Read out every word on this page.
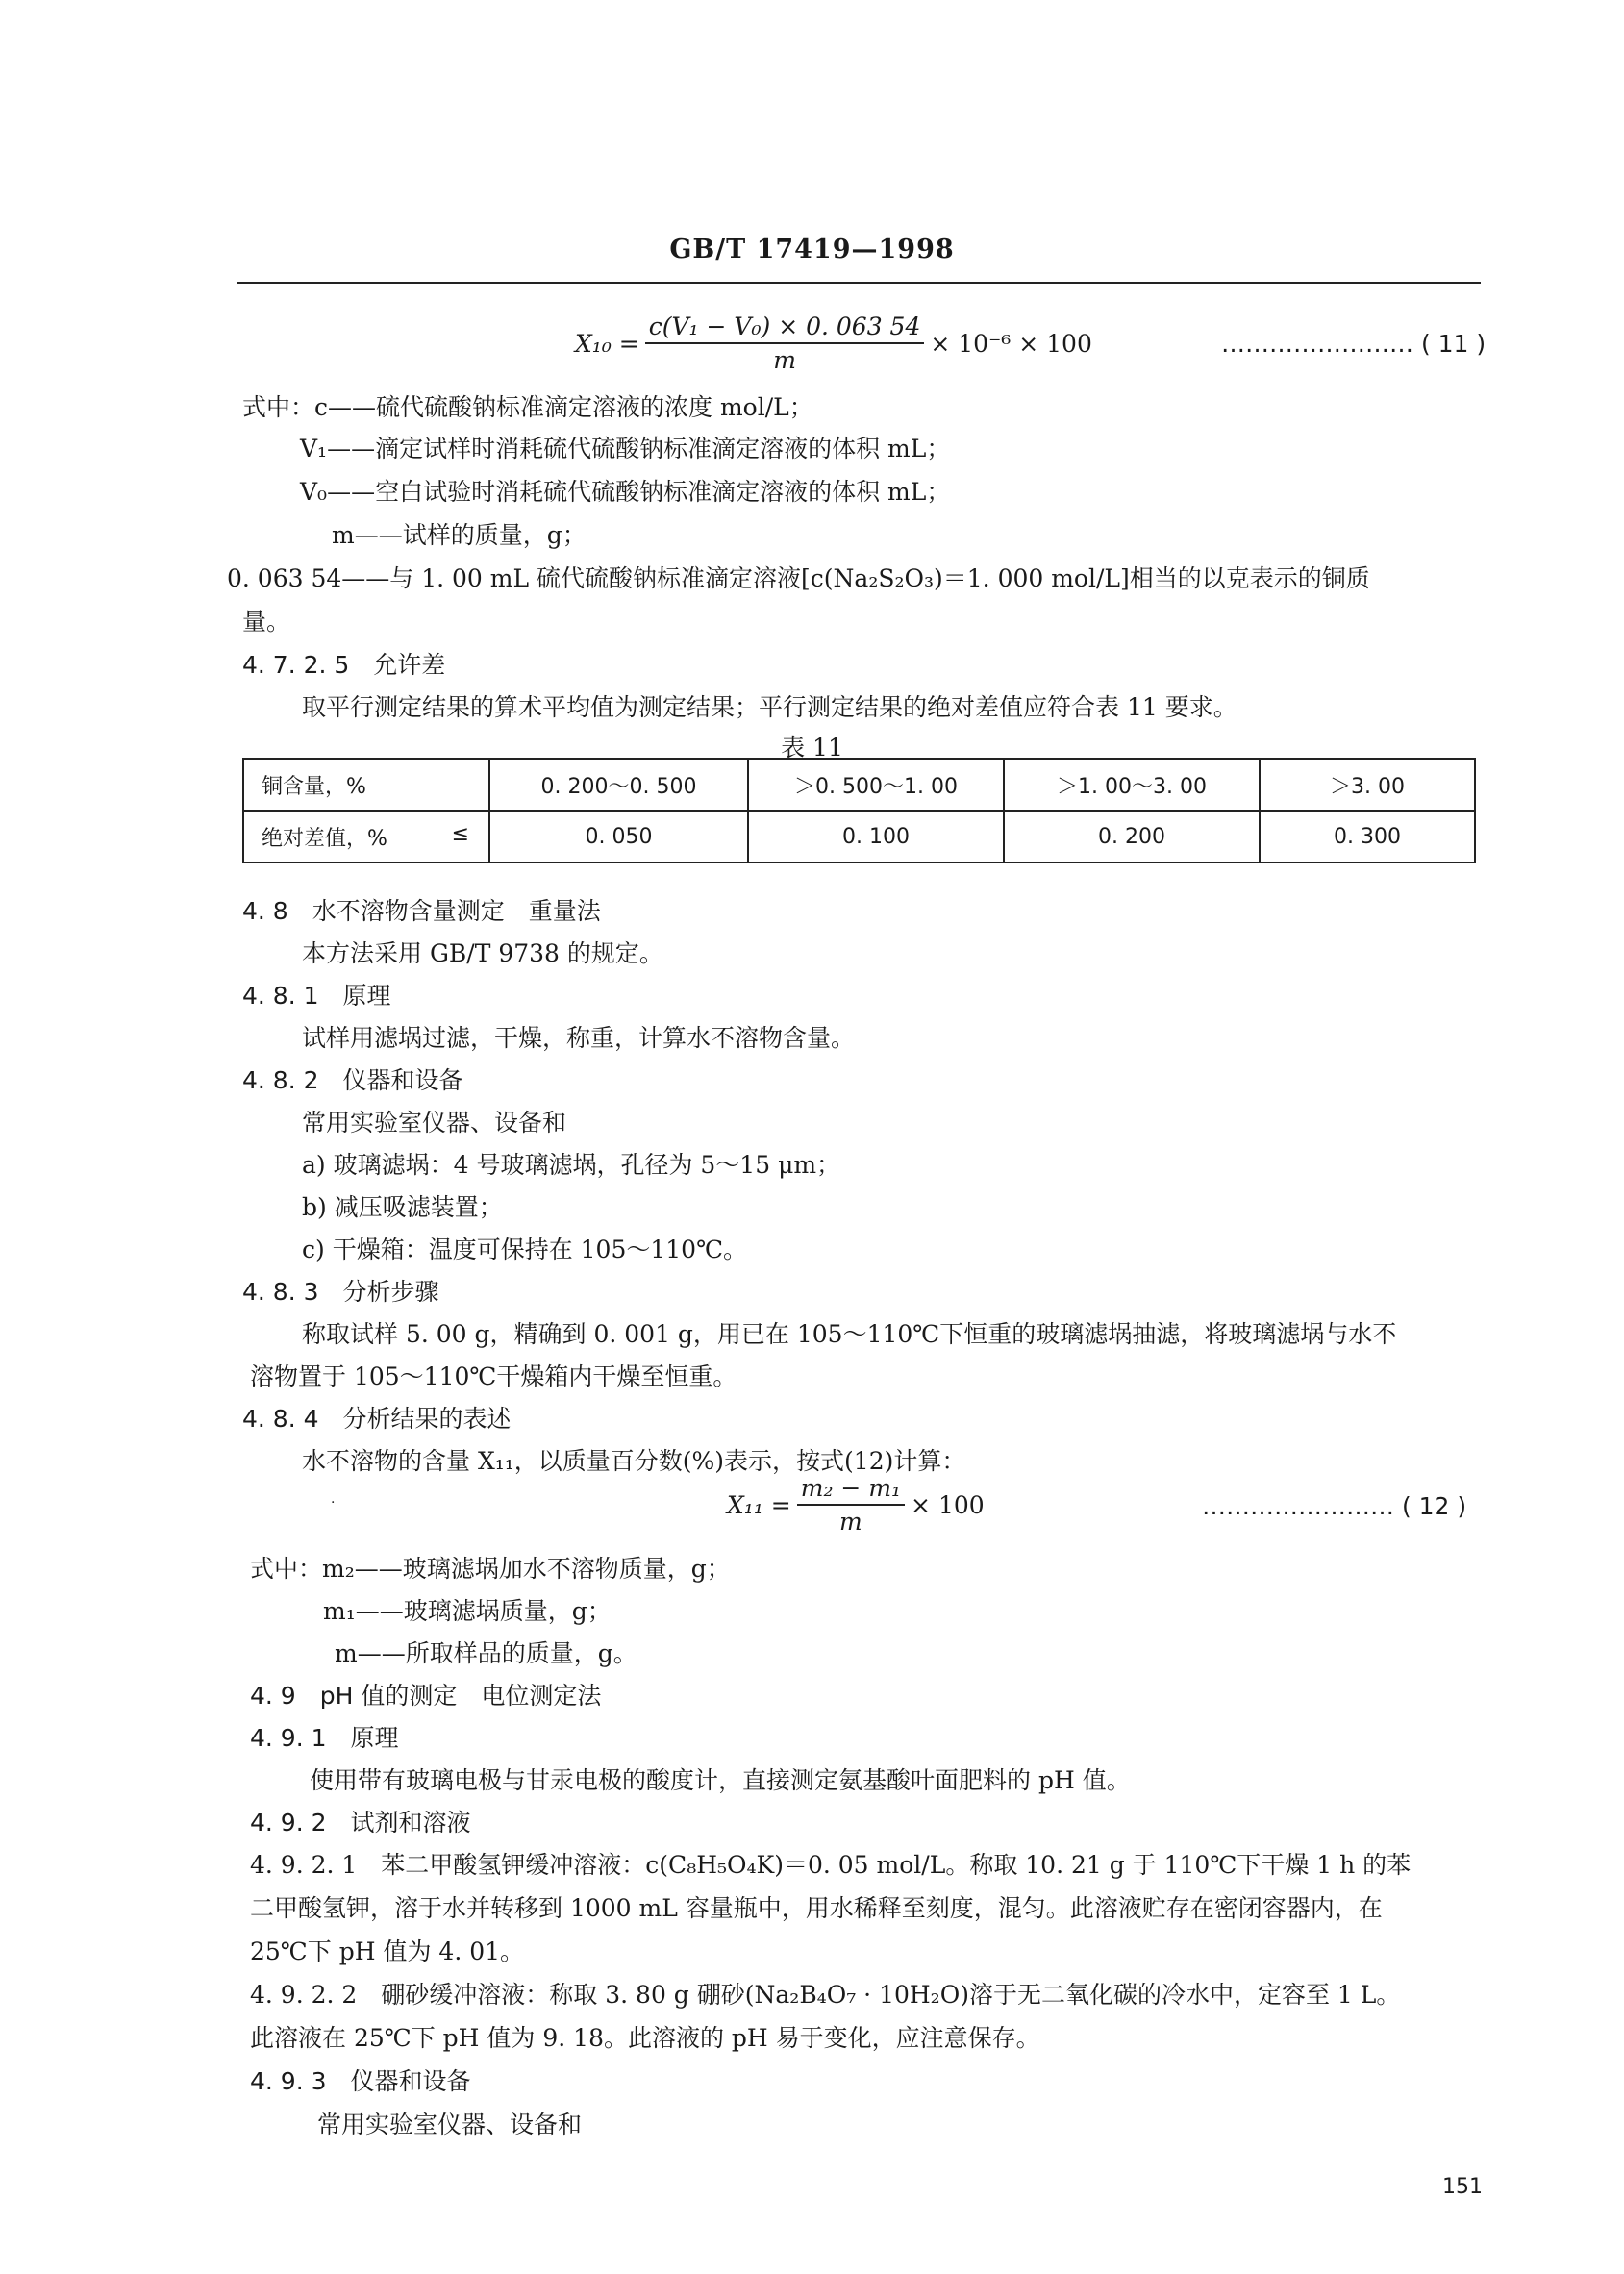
GB/T 17419—1998
$X_{10} = \frac{\text{c(V₁ − V₀) × 0. 063 54}}{m} \times 10^{-6} \times 100$	…………………… ( 11 )
式中：c——硫代硫酸钠标准滴定溶液的浓度 mol/L；
V₁——滴定试样时消耗硫代硫酸钠标准滴定溶液的体积 mL；
V₀——空白试验时消耗硫代硫酸钠标准滴定溶液的体积 mL；
m——试样的质量，g；
0. 063 54——与 1. 00 mL 硫代硫酸钠标准滴定溶液[c(Na₂S₂O₃)＝1. 000 mol/L]相当的以克表示的铜质
量。
4. 7. 2. 5　允许差
取平行测定结果的算术平均值为测定结果；平行测定结果的绝对差值应符合表 11 要求。
表 11
铜含量，%	0. 200～0. 500	＞0. 500～1. 00	＞1. 00～3. 00	＞3. 00
绝对差值，% ≤	0. 050	0. 100	0. 200	0. 300
4. 8　水不溶物含量测定　重量法
本方法采用 GB/T 9738 的规定。
4. 8. 1　原理
试样用滤埚过滤，干燥，称重，计算水不溶物含量。
4. 8. 2　仪器和设备
常用实验室仪器、设备和
a) 玻璃滤埚：4 号玻璃滤埚，孔径为 5～15 μm；
b) 减压吸滤装置；
c) 干燥箱：温度可保持在 105～110℃。
4. 8. 3　分析步骤
称取试样 5. 00 g，精确到 0. 001 g，用已在 105～110℃下恒重的玻璃滤埚抽滤，将玻璃滤埚与水不
溶物置于 105～110℃干燥箱内干燥至恒重。
4. 8. 4　分析结果的表述
水不溶物的含量 X₁₁，以质量百分数(%)表示，按式(12)计算：
·	$X_{11} = \frac{\text{m₂ − m₁}}{m} \times 100$	…………………… ( 12 )
式中：m₂——玻璃滤埚加水不溶物质量，g；
m₁——玻璃滤埚质量，g；
m——所取样品的质量，g。
4. 9　pH 值的测定　电位测定法
4. 9. 1　原理
使用带有玻璃电极与甘汞电极的酸度计，直接测定氨基酸叶面肥料的 pH 值。
4. 9. 2　试剂和溶液
4. 9. 2. 1　苯二甲酸氢钾缓冲溶液：c(C₈H₅O₄K)＝0. 05 mol/L。称取 10. 21 g 于 110℃下干燥 1 h 的苯
二甲酸氢钾，溶于水并转移到 1000 mL 容量瓶中，用水稀释至刻度，混匀。此溶液贮存在密闭容器内，在
25℃下 pH 值为 4. 01。
4. 9. 2. 2　硼砂缓冲溶液：称取 3. 80 g 硼砂(Na₂B₄O₇ · 10H₂O)溶于无二氧化碳的冷水中，定容至 1 L。
此溶液在 25℃下 pH 值为 9. 18。此溶液的 pH 易于变化，应注意保存。
4. 9. 3　仪器和设备
常用实验室仪器、设备和
151
